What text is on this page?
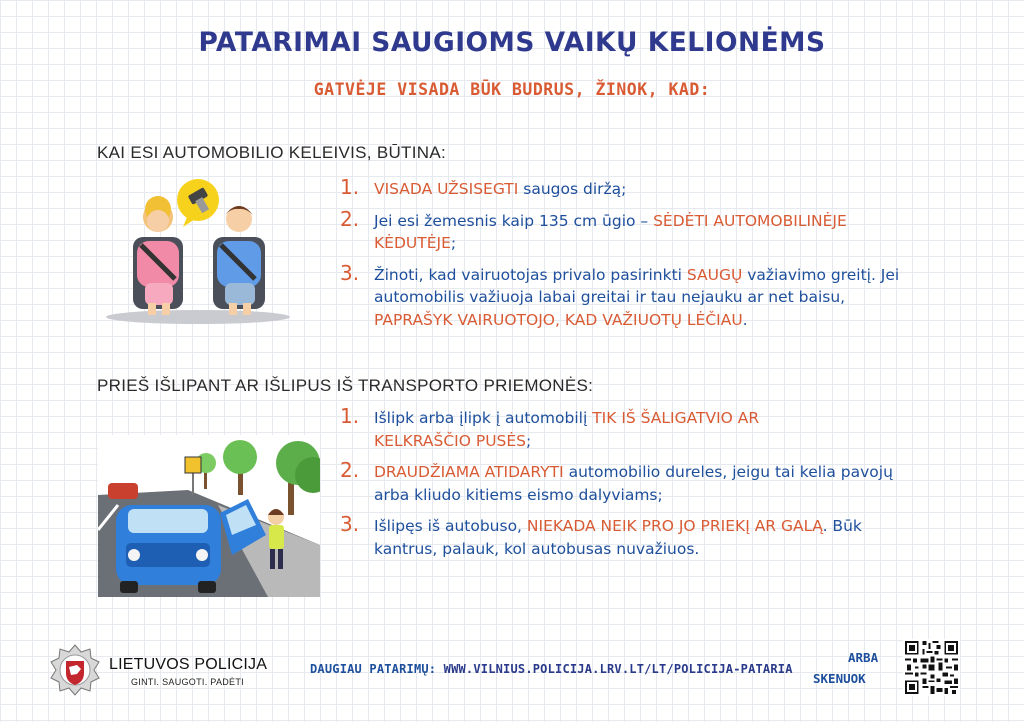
PATARIMAI SAUGIOMS VAIKŲ KELIONĖMS
GATVĖJE VISADA BŪK BUDRUS, ŽINOK, KAD:
KAI ESI AUTOMOBILIO KELEIVIS, BŪTINA:
1. VISADA UŽSISEGTI saugos diržą;
2. Jei esi žemesnis kaip 135 cm ūgio – SĖDĖTI AUTOMOBILINĖJE KĖDUTĖJE;
3. Žinoti, kad vairuotojas privalo pasirinkti SAUGŲ važiavimo greitį. Jei automobilis važiuoja labai greitai ir tau nejauku ar net baisu, PAPRAŠYK VAIRUOTOJO, KAD VAŽIUOTŲ LĖČIAU.
PRIEŠ IŠLIPANT AR IŠLIPUS IŠ TRANSPORTO PRIEMONĖS:
1. Išlipk arba įlipk į automobilį TIK IŠ ŠALIGATVIO AR KELKRAŠČIO PUSĖS;
2. DRAUDŽIAMA ATIDARYTI automobilio dureles, jeigu tai kelia pavojų arba kliudo kitiems eismo dalyviams;
3. Išlipęs iš autobuso, NIEKADA NEIK PRO JO PRIEKĮ AR GALĄ. Būk kantrus, palauk, kol autobusas nuvažiuos.
LIETUVOS POLICIJA
GINTI. SAUGOTI. PADĖTI
DAUGIAU PATARIMŲ: WWW.VILNIUS.POLICIJA.LRV.LT/LT/POLICIJA-PATARIA
ARBA
SKENUOK
